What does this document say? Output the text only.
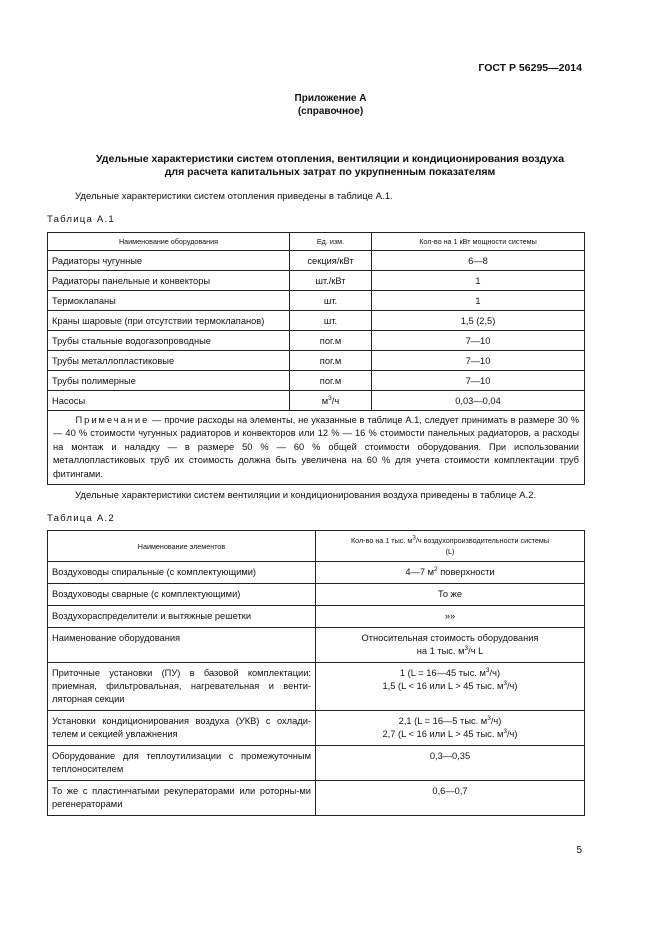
ГОСТ Р 56295—2014
Приложение А
(справочное)
Удельные характеристики систем отопления, вентиляции и кондиционирования воздуха
для расчета капитальных затрат по укрупненным показателям
Удельные характеристики систем отопления приведены в таблице А.1.
Таблица А.1
Наименование оборудования	Ед. изм.	Кол-во на 1 кВт мощности системы
Радиаторы чугунные	секция/кВт	6—8
Радиаторы панельные и конвекторы	шт./кВт	1
Термоклапаны	шт.	1
Краны шаровые (при отсутствии термоклапанов)	шт.	1,5 (2,5)
Трубы стальные водогазопроводные	пог.м	7—10
Трубы металлопластиковые	пог.м	7—10
Трубы полимерные	пог.м	7—10
Насосы	$м^3/ч$	0,03—0,04
Примечание — прочие расходы на элементы, не указанные в таблице А.1, следует принимать в размере 30 % — 40 % стоимости чугунных радиаторов и конвекторов или 12 % — 16 % стоимости панельных радиаторов, а расходы на монтаж и наладку — в размере 50 % — 60 % общей стоимости оборудования. При использовании металлопластиковых труб их стоимость должна быть увеличена на 60 % для учета стоимости комплектации труб фитингами.		
Удельные характеристики систем вентиляции и кондиционирования воздуха приведены в таблице А.2.
Таблица А.2
Наименование элементов	Кол-во на 1 тыс. $м^3/ч$ воздухопроизводительности системы
(L)
Воздуховоды спиральные (с комплектующими)	4—7 $м^2$ поверхности
Воздуховоды сварные (с комплектующими)	То же
Воздухораспределители и вытяжные решетки	»»
Наименование оборудования	Относительная стоимость оборудования
на 1 тыс. $м^3/ч$ L
Приточные установки (ПУ) в базовой комплектации: приемная, фильтровальная, нагревательная и венти-ляторная секции	1 (L = 16—45 тыс. $м^3/ч$)
1,5 (L < 16 или L > 45 тыс. $м^3/ч$)
Установки кондиционирования воздуха (УКВ) с охлади-телем и секцией увлажнения	2,1 (L = 16—5 тыс. $м^3/ч$)
2,7 (L < 16 или L > 45 тыс. $м^3/ч$)
Оборудование для теплоутилизации с промежуточным теплоносителем	0,3—0,35
То же с пластинчатыми рекуператорами или роторны-ми регенераторами	0,6—0,7
5
